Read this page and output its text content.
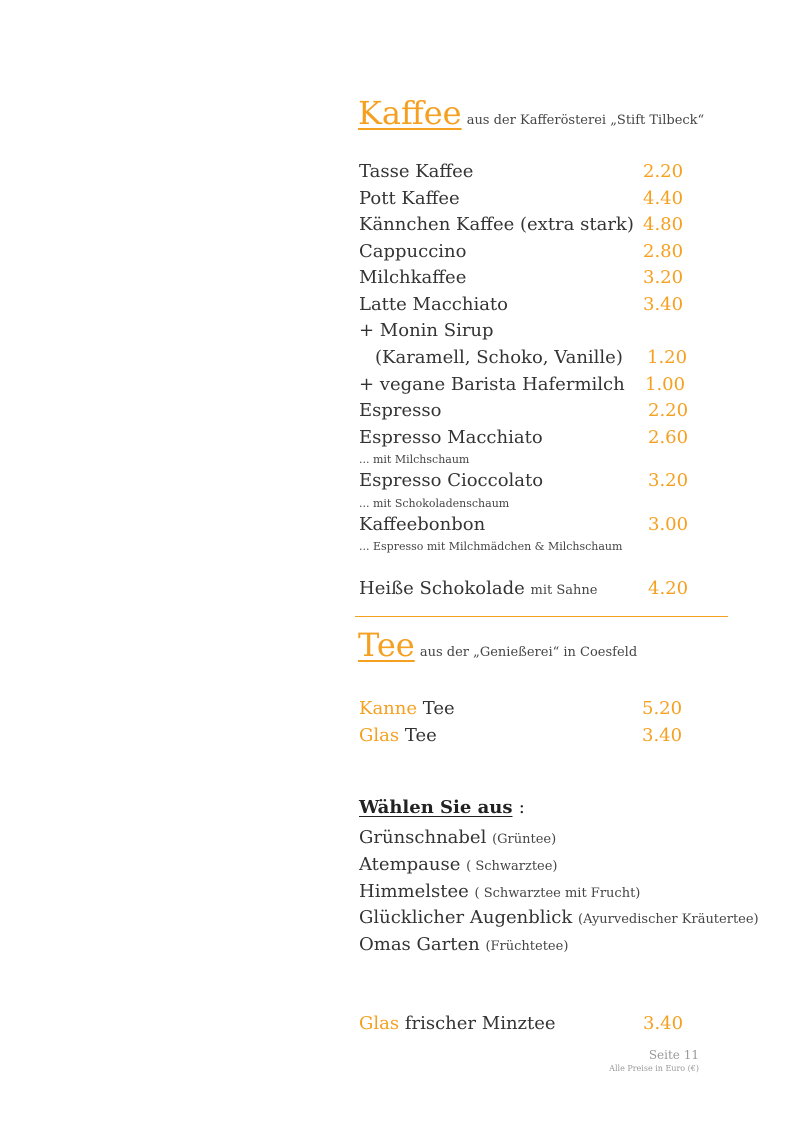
Kaffee aus der Kafferösterei „Stift Tilbeck“
Tasse Kaffee	2.20
Pott Kaffee	4.40
Kännchen Kaffee (extra stark) 4.80
Cappuccino	2.80
Milchkaffee	3.20
Latte Macchiato	3.40
+ Monin Sirup
(Karamell, Schoko, Vanille) 1.20
+ vegane Barista Hafermilch 1.00
Espresso	2.20
Espresso Macchiato	2.60
... mit Milchschaum
Espresso Cioccolato	3.20
... mit Schokoladenschaum
Kaffeebonbon	3.00
... Espresso mit Milchmädchen & Milchschaum
Heiße Schokolade mit Sahne	4.20
Tee aus der „Genießerei“ in Coesfeld
Kanne Tee	5.20
Glas Tee	3.40
Wählen Sie aus :
Grünschnabel (Grüntee)
Atempause ( Schwarztee)
Himmelstee ( Schwarztee mit Frucht)
Glücklicher Augenblick (Ayurvedischer Kräutertee)
Omas Garten (Früchtetee)
Glas frischer Minztee	3.40
Seite 11
Alle Preise in Euro (€)
